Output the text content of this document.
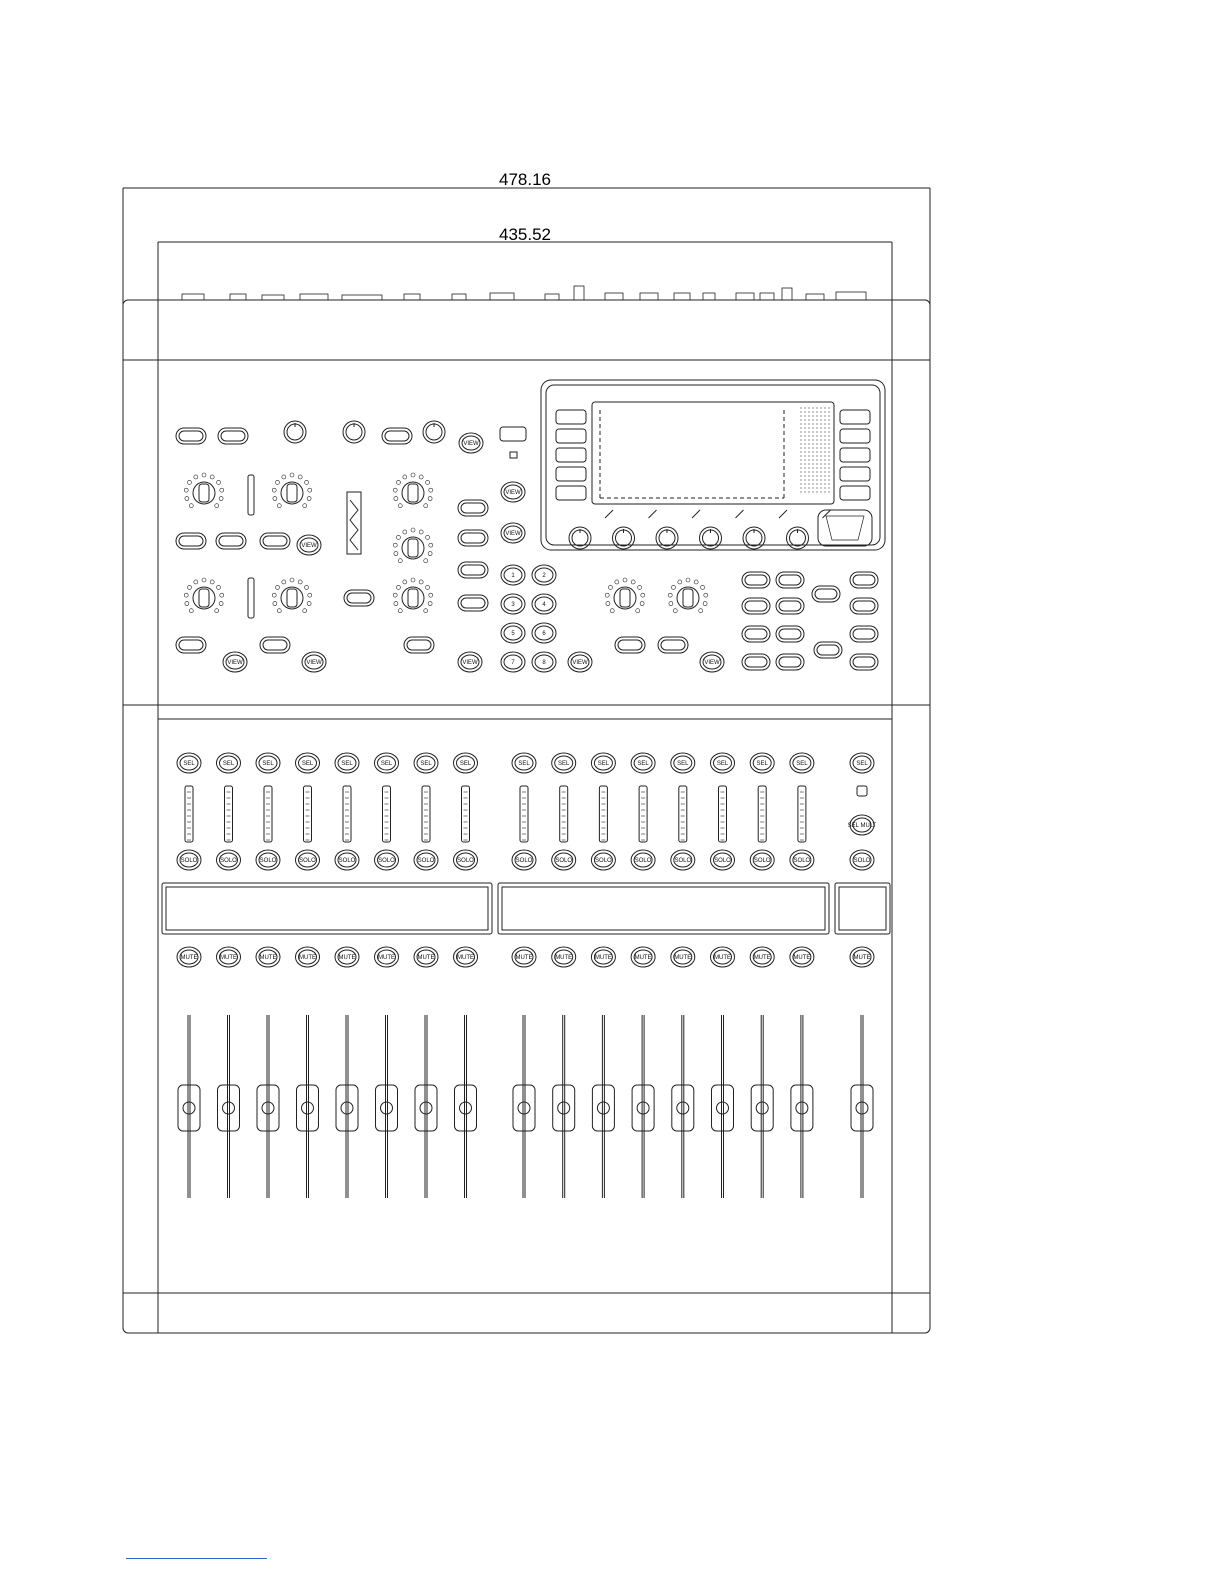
VIEW
VIEW
VIEW
VIEW
VIEW	VIEW	VIEW	VIEW	VIEW
1	2
3	4
5	6
7	8
SEL	SEL	SEL	SEL	SEL	SEL	SEL	SEL	SEL	SEL	SEL	SEL	SEL	SEL	SEL	SEL	SEL
SEL MULT
SOLO	SOLO	SOLO	SOLO	SOLO	SOLO	SOLO	SOLO	SOLO	SOLO	SOLO	SOLO	SOLO	SOLO	SOLO	SOLO	SOLO
MUTE	MUTE	MUTE	MUTE	MUTE	MUTE	MUTE	MUTE	MUTE	MUTE	MUTE	MUTE	MUTE	MUTE	MUTE	MUTE	MUTE
478.16
435.52
